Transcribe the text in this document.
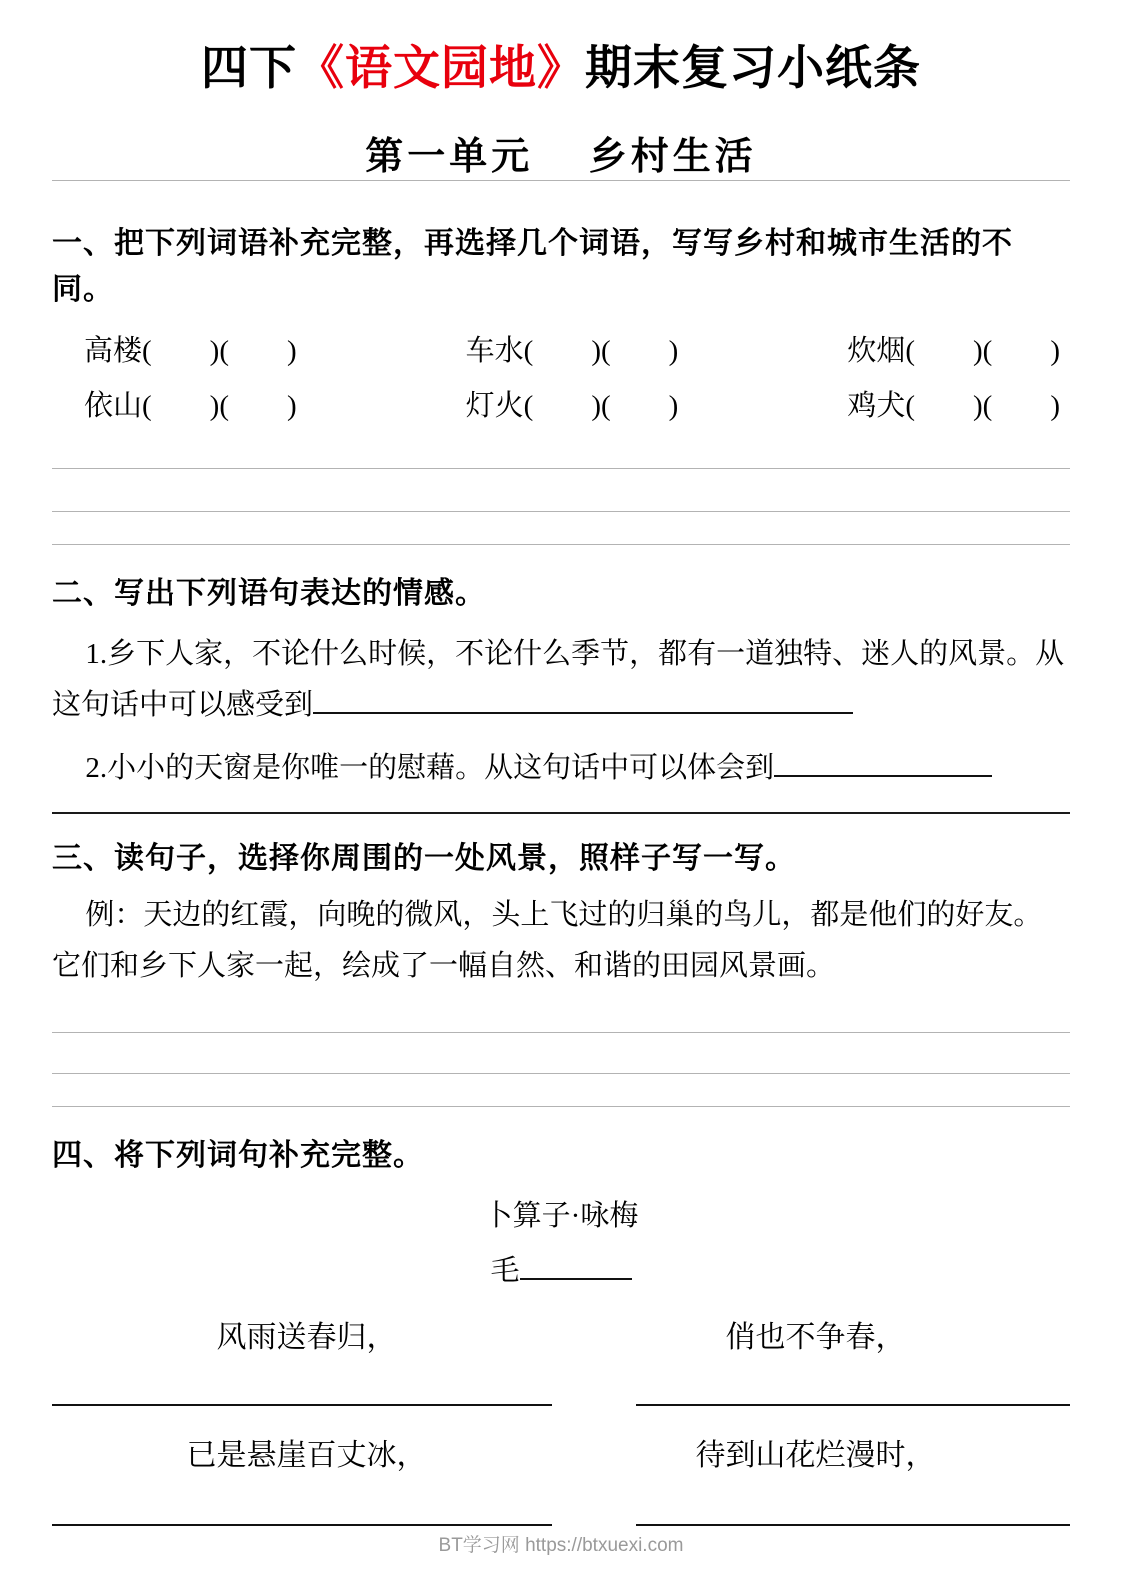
四下《语文园地》期末复习小纸条
第一单元　 乡村生活
一、把下列词语补充完整，再选择几个词语，写写乡村和城市生活的不同。
高楼(　　)(　　)	车水(　　)(　　)	炊烟(　　)(　　)
依山(　　)(　　)	灯火(　　)(　　)	鸡犬(　　)(　　)
二、写出下列语句表达的情感。

1.乡下人家，不论什么时候，不论什么季节，都有一道独特、迷人的风景。从这句话中可以感受到

2.小小的天窗是你唯一的慰藉。从这句话中可以体会到

三、读句子，选择你周围的一处风景，照样子写一写。

例：天边的红霞，向晚的微风，头上飞过的归巢的鸟儿，都是他们的好友。它们和乡下人家一起，绘成了一幅自然、和谐的田园风景画。

四、将下列词句补充完整。

卜算子·咏梅

毛

风雨送春归，	俏也不争春，
已是悬崖百丈冰，	待到山花烂漫时，
BT学习网 https://btxuexi.com
